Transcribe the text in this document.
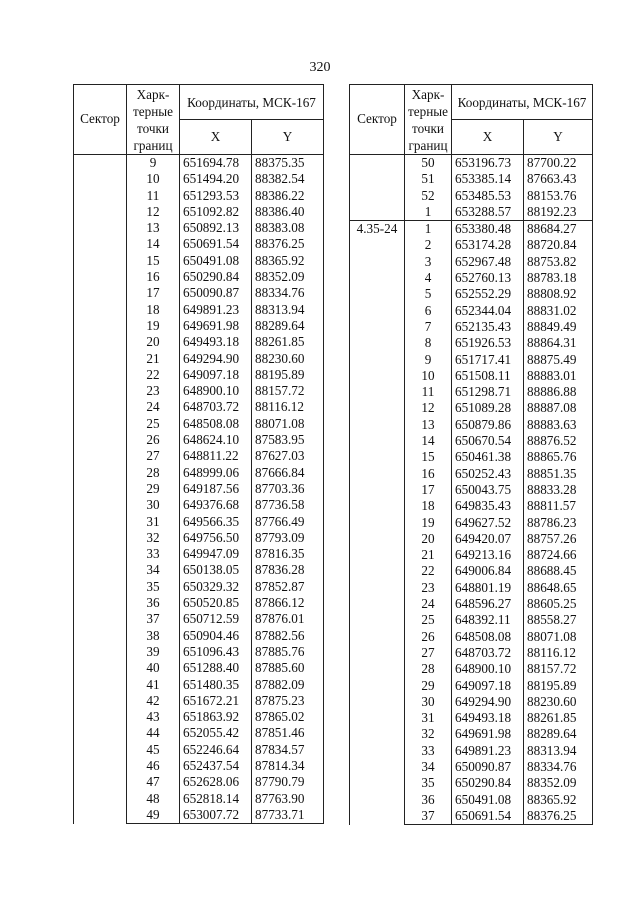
320
Сектор	Харк-терные точки границ	Координаты, МСК-167	
		X	Y
	9	651694.78	88375.35
	10	651494.20	88382.54
	11	651293.53	88386.22
	12	651092.82	88386.40
	13	650892.13	88383.08
	14	650691.54	88376.25
	15	650491.08	88365.92
	16	650290.84	88352.09
	17	650090.87	88334.76
	18	649891.23	88313.94
	19	649691.98	88289.64
	20	649493.18	88261.85
	21	649294.90	88230.60
	22	649097.18	88195.89
	23	648900.10	88157.72
	24	648703.72	88116.12
	25	648508.08	88071.08
	26	648624.10	87583.95
	27	648811.22	87627.03
	28	648999.06	87666.84
	29	649187.56	87703.36
	30	649376.68	87736.58
	31	649566.35	87766.49
	32	649756.50	87793.09
	33	649947.09	87816.35
	34	650138.05	87836.28
	35	650329.32	87852.87
	36	650520.85	87866.12
	37	650712.59	87876.01
	38	650904.46	87882.56
	39	651096.43	87885.76
	40	651288.40	87885.60
	41	651480.35	87882.09
	42	651672.21	87875.23
	43	651863.92	87865.02
	44	652055.42	87851.46
	45	652246.64	87834.57
	46	652437.54	87814.34
	47	652628.06	87790.79
	48	652818.14	87763.90
	49	653007.72	87733.71
Сектор	Харк-терные точки границ	Координаты, МСК-167	
		X	Y
	50	653196.73	87700.22
	51	653385.14	87663.43
	52	653485.53	88153.76
	1	653288.57	88192.23
4.35-24	1	653380.48	88684.27
	2	653174.28	88720.84
	3	652967.48	88753.82
	4	652760.13	88783.18
	5	652552.29	88808.92
	6	652344.04	88831.02
	7	652135.43	88849.49
	8	651926.53	88864.31
	9	651717.41	88875.49
	10	651508.11	88883.01
	11	651298.71	88886.88
	12	651089.28	88887.08
	13	650879.86	88883.63
	14	650670.54	88876.52
	15	650461.38	88865.76
	16	650252.43	88851.35
	17	650043.75	88833.28
	18	649835.43	88811.57
	19	649627.52	88786.23
	20	649420.07	88757.26
	21	649213.16	88724.66
	22	649006.84	88688.45
	23	648801.19	88648.65
	24	648596.27	88605.25
	25	648392.11	88558.27
	26	648508.08	88071.08
	27	648703.72	88116.12
	28	648900.10	88157.72
	29	649097.18	88195.89
	30	649294.90	88230.60
	31	649493.18	88261.85
	32	649691.98	88289.64
	33	649891.23	88313.94
	34	650090.87	88334.76
	35	650290.84	88352.09
	36	650491.08	88365.92
	37	650691.54	88376.25
